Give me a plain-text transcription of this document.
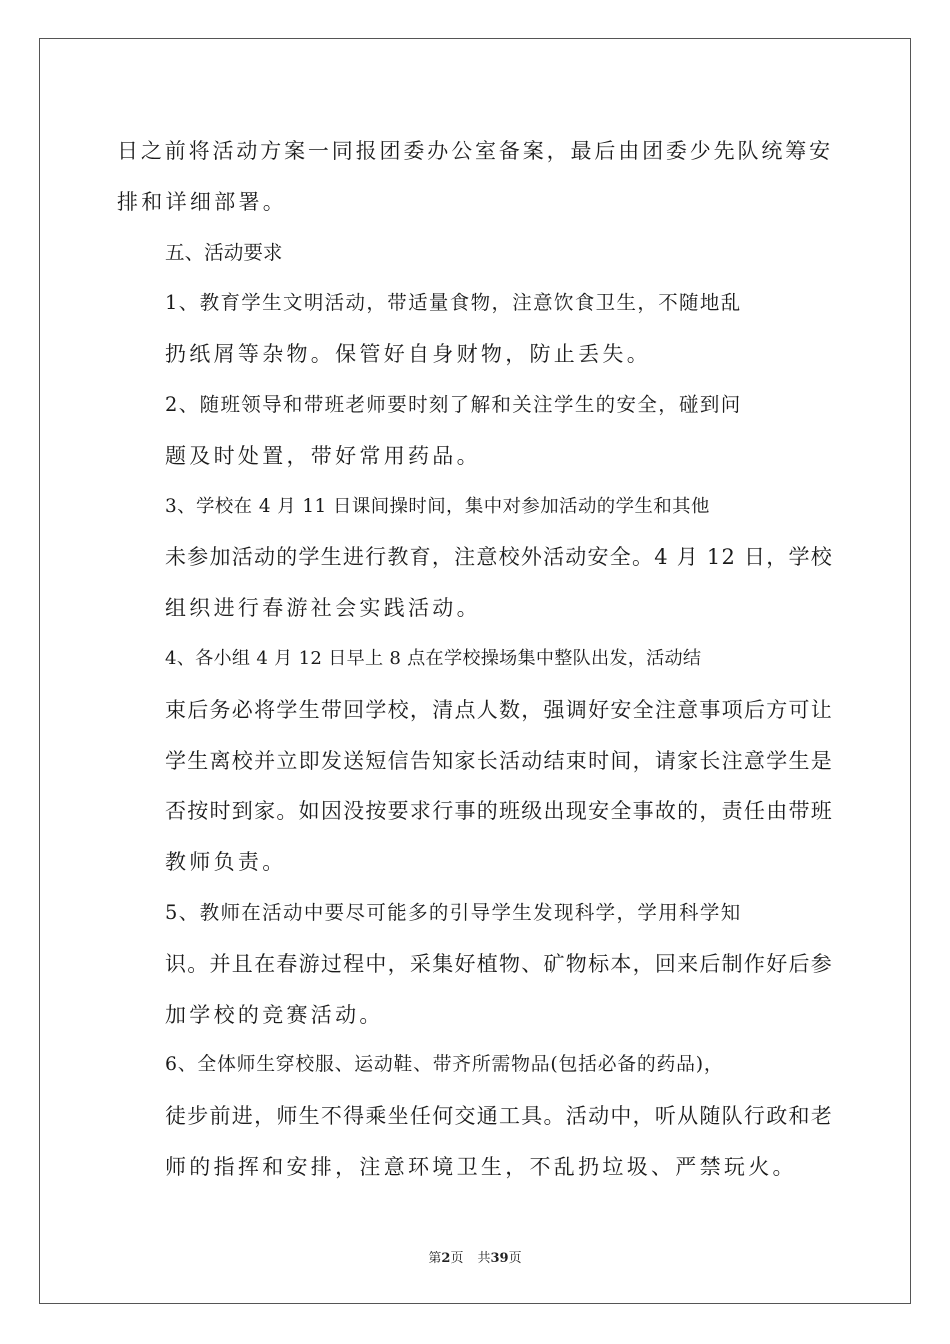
日之前将活动方案一同报团委办公室备案，最后由团委少先队统筹安
排和详细部署。

五、活动要求

1、教育学生文明活动，带适量食物，注意饮食卫生，不随地乱
扔纸屑等杂物。保管好自身财物，防止丢失。

2、随班领导和带班老师要时刻了解和关注学生的安全，碰到问
题及时处置，带好常用药品。

3、学校在 4 月 11 日课间操时间，集中对参加活动的学生和其他
未参加活动的学生进行教育，注意校外活动安全。4 月 12 日，学校
组织进行春游社会实践活动。

4、各小组 4 月 12 日早上 8 点在学校操场集中整队出发，活动结
束后务必将学生带回学校，清点人数，强调好安全注意事项后方可让
学生离校并立即发送短信告知家长活动结束时间，请家长注意学生是
否按时到家。如因没按要求行事的班级出现安全事故的，责任由带班
教师负责。

5、教师在活动中要尽可能多的引导学生发现科学，学用科学知
识。并且在春游过程中，采集好植物、矿物标本，回来后制作好后参
加学校的竞赛活动。

6、全体师生穿校服、运动鞋、带齐所需物品(包括必备的药品)，
徒步前进，师生不得乘坐任何交通工具。活动中，听从随队行政和老
师的指挥和安排，注意环境卫生，不乱扔垃圾、严禁玩火。

第2页 共39页
